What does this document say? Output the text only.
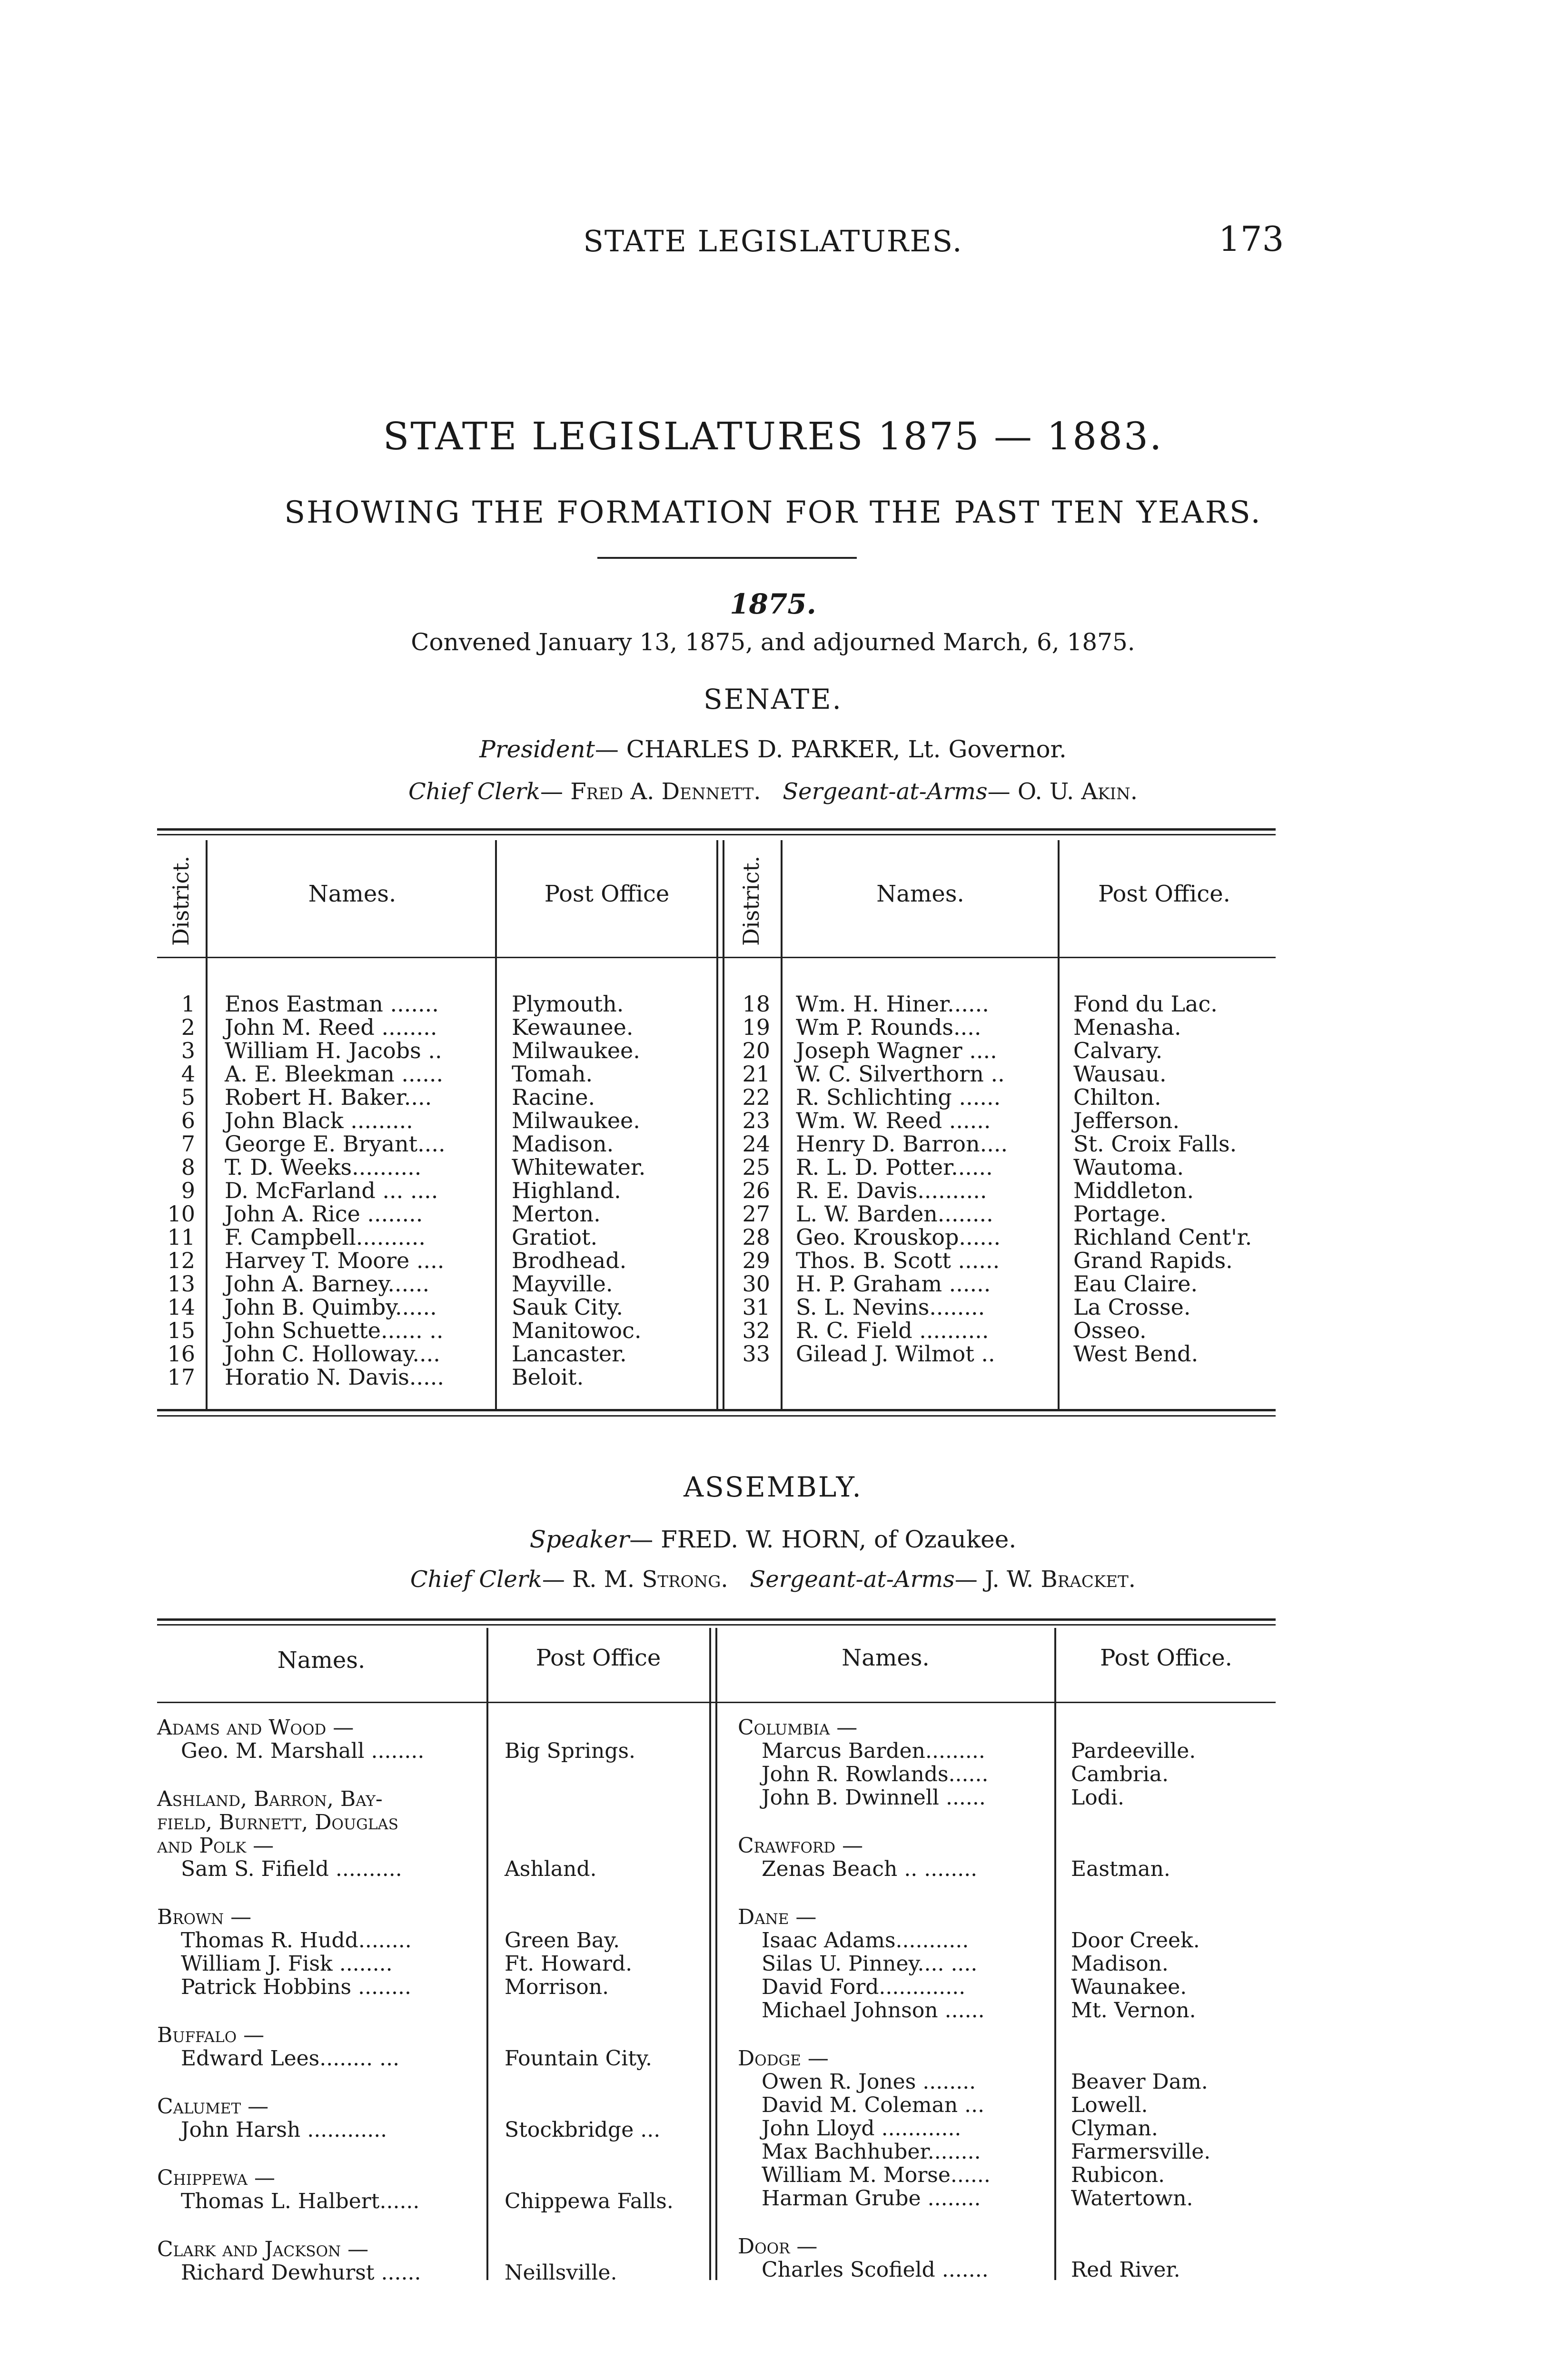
STATE LEGISLATURES.	173
STATE LEGISLATURES 1875 — 1883.
SHOWING THE FORMATION FOR THE PAST TEN YEARS.
1875.
Convened January 13, 1875, and adjourned March, 6, 1875.
SENATE.
President— CHARLES D. PARKER, Lt. Governor.
Chief Clerk— Fred A. Dennett. Sergeant-at-Arms— O. U. Akin.
District.	Names.	Post Office	District.	Names.	Post Office.
1 Enos Eastman .......	Plymouth.
2 John M. Reed ........	Kewaunee.
3 William H. Jacobs ..	Milwaukee.
4 A. E. Bleekman ......	Tomah.
5 Robert H. Baker....	Racine.
6 John Black .........	Milwaukee.
7 George E. Bryant....	Madison.
8 T. D. Weeks..........	Whitewater.
9 D. McFarland ... ....	Highland.
10 John A. Rice ........	Merton.
11 F. Campbell..........	Gratiot.
12 Harvey T. Moore ....	Brodhead.
13 John A. Barney......	Mayville.
14 John B. Quimby......	Sauk City.
15 John Schuette...... ..	Manitowoc.
16 John C. Holloway....	Lancaster.
17 Horatio N. Davis.....	Beloit.
18 Wm. H. Hiner......	Fond du Lac.
19 Wm P. Rounds....	Menasha.
20 Joseph Wagner ....	Calvary.
21 W. C. Silverthorn ..	Wausau.
22 R. Schlichting ......	Chilton.
23 Wm. W. Reed ......	Jefferson.
24 Henry D. Barron....	St. Croix Falls.
25 R. L. D. Potter......	Wautoma.
26 R. E. Davis..........	Middleton.
27 L. W. Barden........	Portage.
28 Geo. Krouskop......	Richland Cent'r.
29 Thos. B. Scott ......	Grand Rapids.
30 H. P. Graham ......	Eau Claire.
31 S. L. Nevins........	La Crosse.
32 R. C. Field ..........	Osseo.
33 Gilead J. Wilmot ..	West Bend.
ASSEMBLY.
Speaker— FRED. W. HORN, of Ozaukee.
Chief Clerk— R. M. Strong. Sergeant-at-Arms— J. W. Bracket.
Names.	Post Office	Names.	Post Office.
Adams and Wood —
Geo. M. Marshall ........	Big Springs.
Ashland, Barron, Bay-
field, Burnett, Douglas
and Polk —
Sam S. Fifield ..........	Ashland.
Brown —
Thomas R. Hudd........	Green Bay.
William J. Fisk ........	Ft. Howard.
Patrick Hobbins ........	Morrison.
Buffalo —
Edward Lees........ ...	Fountain City.
Calumet —
John Harsh ............	Stockbridge ...
Chippewa —
Thomas L. Halbert......	Chippewa Falls.
Clark and Jackson —
Richard Dewhurst ......	Neillsville.
Columbia —
Marcus Barden.........	Pardeeville.
John R. Rowlands......	Cambria.
John B. Dwinnell ......	Lodi.
Crawford —
Zenas Beach .. ........	Eastman.
Dane —
Isaac Adams...........	Door Creek.
Silas U. Pinney.... ....	Madison.
David Ford.............	Waunakee.
Michael Johnson ......	Mt. Vernon.
Dodge —
Owen R. Jones ........	Beaver Dam.
David M. Coleman ...	Lowell.
John Lloyd ............	Clyman.
Max Bachhuber........	Farmersville.
William M. Morse......	Rubicon.
Harman Grube ........	Watertown.
Door —
Charles Scofield .......	Red River.
